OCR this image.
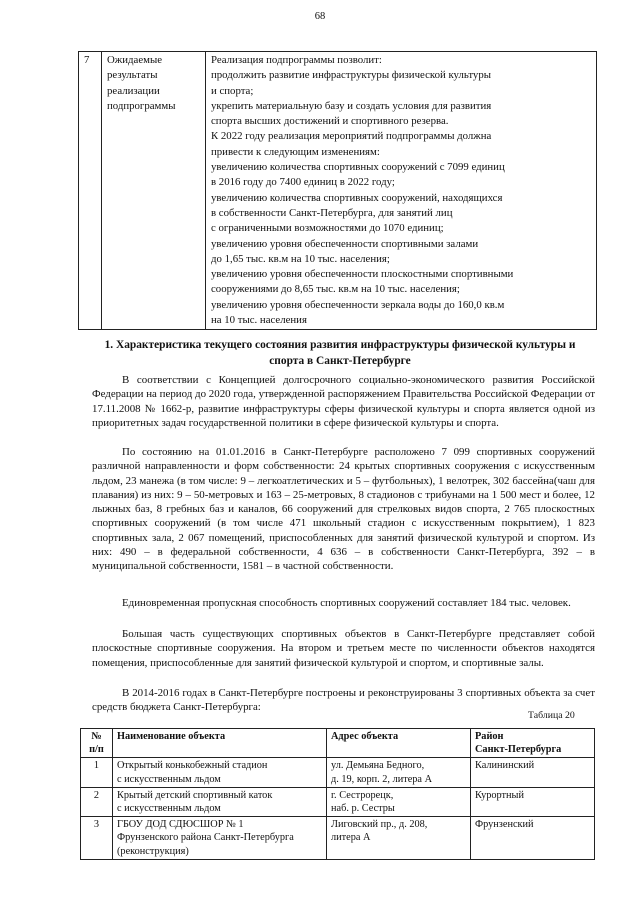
68
7	Ожидаемые
результаты
реализации
подпрограммы	Реализация подпрограммы позволит:
продолжить развитие инфраструктуры физической культуры
и спорта;
укрепить материальную базу и создать условия для развития
спорта высших достижений и спортивного резерва.
К 2022 году реализация мероприятий подпрограммы должна
привести к следующим изменениям:
увеличению количества спортивных сооружений с 7099 единиц
в 2016 году до 7400 единиц в 2022 году;
увеличению количества спортивных сооружений, находящихся
в собственности Санкт-Петербурга, для занятий лиц
с ограниченными возможностями до 1070 единиц;
увеличению уровня обеспеченности спортивными залами
до 1,65 тыс. кв.м на 10 тыс. населения;
увеличению уровня обеспеченности плоскостными спортивными
сооружениями до 8,65 тыс. кв.м на 10 тыс. населения;
увеличению уровня обеспеченности зеркала воды до 160,0 кв.м
на 10 тыс. населения
1. Характеристика текущего состояния развития инфраструктуры физической культуры и спорта в Санкт-Петербурге

В соответствии с Концепцией долгосрочного социально-экономического развития Российской Федерации на период до 2020 года, утвержденной распоряжением Правительства Российской Федерации от 17.11.2008 № 1662-р, развитие инфраструктуры сферы физической культуры и спорта является одной из приоритетных задач государственной политики в сфере физической культуры и спорта.

По состоянию на 01.01.2016 в Санкт-Петербурге расположено 7 099 спортивных сооружений различной направленности и форм собственности: 24 крытых спортивных сооружения с искусственным льдом, 23 манежа (в том числе: 9 – легкоатлетических и 5 – футбольных), 1 велотрек, 302 бассейна(чаш для плавания) из них: 9 – 50-метровых и 163 – 25-метровых, 8 стадионов с трибунами на 1 500 мест и более, 12 лыжных баз, 8 гребных баз и каналов, 66 сооружений для стрелковых видов спорта, 2 765 плоскостных спортивных сооружений (в том числе 471 школьный стадион с искусственным покрытием), 1 823 спортивных зала, 2 067 помещений, приспособленных для занятий физической культурой и спортом. Из них: 490 – в федеральной собственности, 4 636 – в собственности Санкт-Петербурга, 392 – в муниципальной собственности, 1581 – в частной собственности.

Единовременная пропускная способность спортивных сооружений составляет 184 тыс. человек.

Большая часть существующих спортивных объектов в Санкт-Петербурге представляет собой плоскостные спортивные сооружения. На втором и третьем месте по численности объектов находятся помещения, приспособленные для занятий физической культурой и спортом, и спортивные залы.

В 2014-2016 годах в Санкт-Петербурге построены и реконструированы 3 спортивных объекта за счет средств бюджета Санкт-Петербурга:

Таблица 20
№
п/п	Наименование объекта	Адрес объекта	Район
Санкт-Петербурга
1	Открытый конькобежный стадион
с искусственным льдом	ул. Демьяна Бедного,
д. 19, корп. 2, литера А	Калининский
2	Крытый детский спортивный каток
с искусственным льдом	г. Сестрорецк,
наб. р. Сестры	Курортный
3	ГБОУ ДОД СДЮСШОР № 1
Фрунзенского района Санкт-Петербурга
(реконструкция)	Лиговский пр., д. 208,
литера А	Фрунзенский
